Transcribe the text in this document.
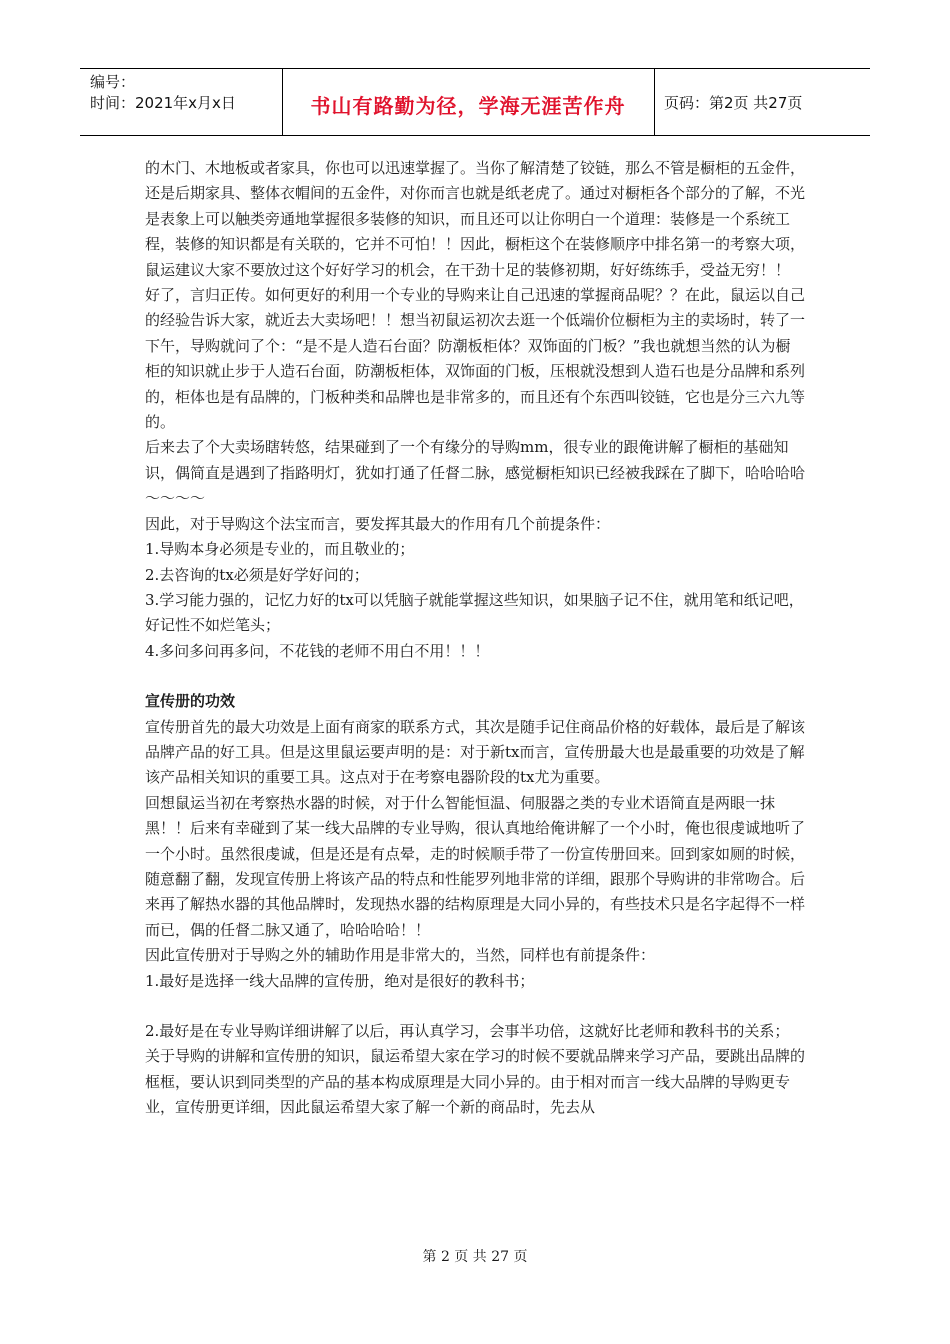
编号：
时间：2021年x月x日	书山有路勤为径，学海无涯苦作舟	页码：第2页 共27页

的木门、木地板或者家具，你也可以迅速掌握了。当你了解清楚了铰链，那么不管是橱柜的五金件，还是后期家具、整体衣帽间的五金件，对你而言也就是纸老虎了。通过对橱柜各个部分的了解，不光是表象上可以触类旁通地掌握很多装修的知识，而且还可以让你明白一个道理：装修是一个系统工程，装修的知识都是有关联的，它并不可怕！！因此，橱柜这个在装修顺序中排名第一的考察大项，鼠运建议大家不要放过这个好好学习的机会，在干劲十足的装修初期，好好练练手，受益无穷！！

好了，言归正传。如何更好的利用一个专业的导购来让自己迅速的掌握商品呢？？在此，鼠运以自己的经验告诉大家，就近去大卖场吧！！想当初鼠运初次去逛一个低端价位橱柜为主的卖场时，转了一下午，导购就问了个：“是不是人造石台面？防潮板柜体？双饰面的门板？”我也就想当然的认为橱柜的知识就止步于人造石台面，防潮板柜体，双饰面的门板，压根就没想到人造石也是分品牌和系列的，柜体也是有品牌的，门板种类和品牌也是非常多的，而且还有个东西叫铰链，它也是分三六九等的。

后来去了个大卖场瞎转悠，结果碰到了一个有缘分的导购mm，很专业的跟俺讲解了橱柜的基础知识，偶简直是遇到了指路明灯，犹如打通了任督二脉，感觉橱柜知识已经被我踩在了脚下，哈哈哈哈～～～～

因此，对于导购这个法宝而言，要发挥其最大的作用有几个前提条件：

1.导购本身必须是专业的，而且敬业的；

2.去咨询的tx必须是好学好问的；

3.学习能力强的，记忆力好的tx可以凭脑子就能掌握这些知识，如果脑子记不住，就用笔和纸记吧，好记性不如烂笔头；

4.多问多问再多问，不花钱的老师不用白不用！！！

宣传册的功效

宣传册首先的最大功效是上面有商家的联系方式，其次是随手记住商品价格的好载体，最后是了解该品牌产品的好工具。但是这里鼠运要声明的是：对于新tx而言，宣传册最大也是最重要的功效是了解该产品相关知识的重要工具。这点对于在考察电器阶段的tx尤为重要。

回想鼠运当初在考察热水器的时候，对于什么智能恒温、伺服器之类的专业术语简直是两眼一抹黑！！后来有幸碰到了某一线大品牌的专业导购，很认真地给俺讲解了一个小时，俺也很虔诚地听了一个小时。虽然很虔诚，但是还是有点晕，走的时候顺手带了一份宣传册回来。回到家如厕的时候，随意翻了翻，发现宣传册上将该产品的特点和性能罗列地非常的详细，跟那个导购讲的非常吻合。后来再了解热水器的其他品牌时，发现热水器的结构原理是大同小异的，有些技术只是名字起得不一样而已，偶的任督二脉又通了，哈哈哈哈！！

因此宣传册对于导购之外的辅助作用是非常大的，当然，同样也有前提条件：

1.最好是选择一线大品牌的宣传册，绝对是很好的教科书；

2.最好是在专业导购详细讲解了以后，再认真学习，会事半功倍，这就好比老师和教科书的关系；

关于导购的讲解和宣传册的知识，鼠运希望大家在学习的时候不要就品牌来学习产品，要跳出品牌的框框，要认识到同类型的产品的基本构成原理是大同小异的。由于相对而言一线大品牌的导购更专业，宣传册更详细，因此鼠运希望大家了解一个新的商品时，先去从

第 2 页 共 27 页
